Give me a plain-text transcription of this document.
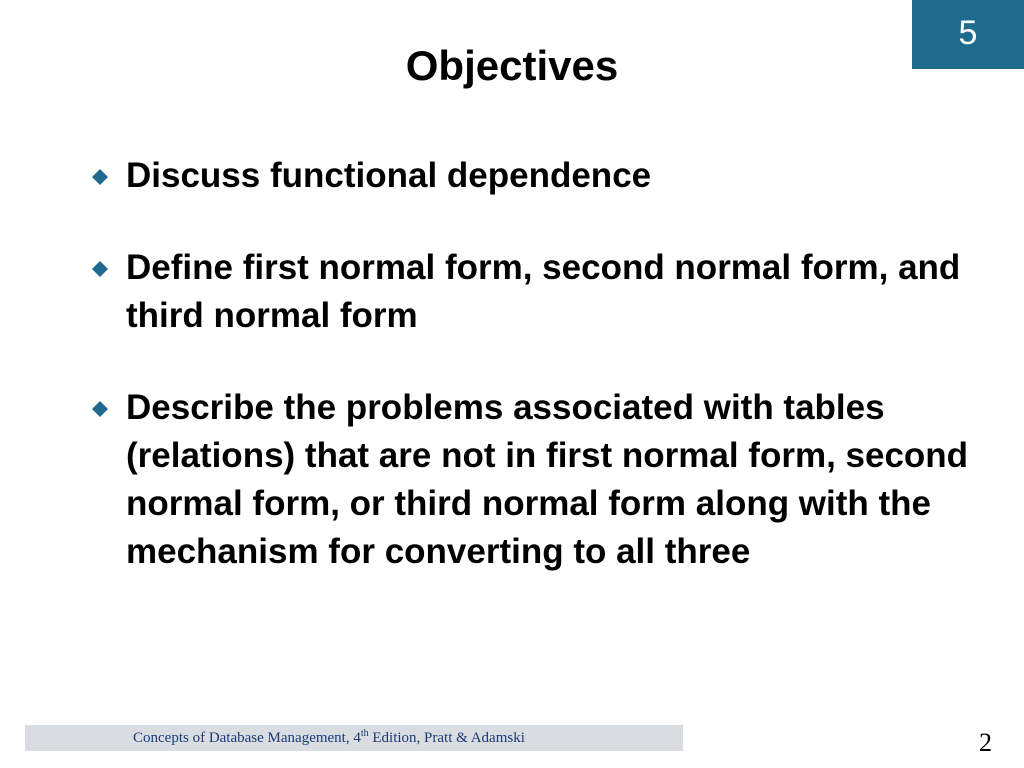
5
Objectives
Discuss functional dependence
Define first normal form, second normal form, and third normal form
Describe the problems associated with tables (relations) that are not in first normal form, second normal form, or third normal form along with the mechanism for converting to all three
Concepts of Database Management, 4th Edition, Pratt & Adamski	2
